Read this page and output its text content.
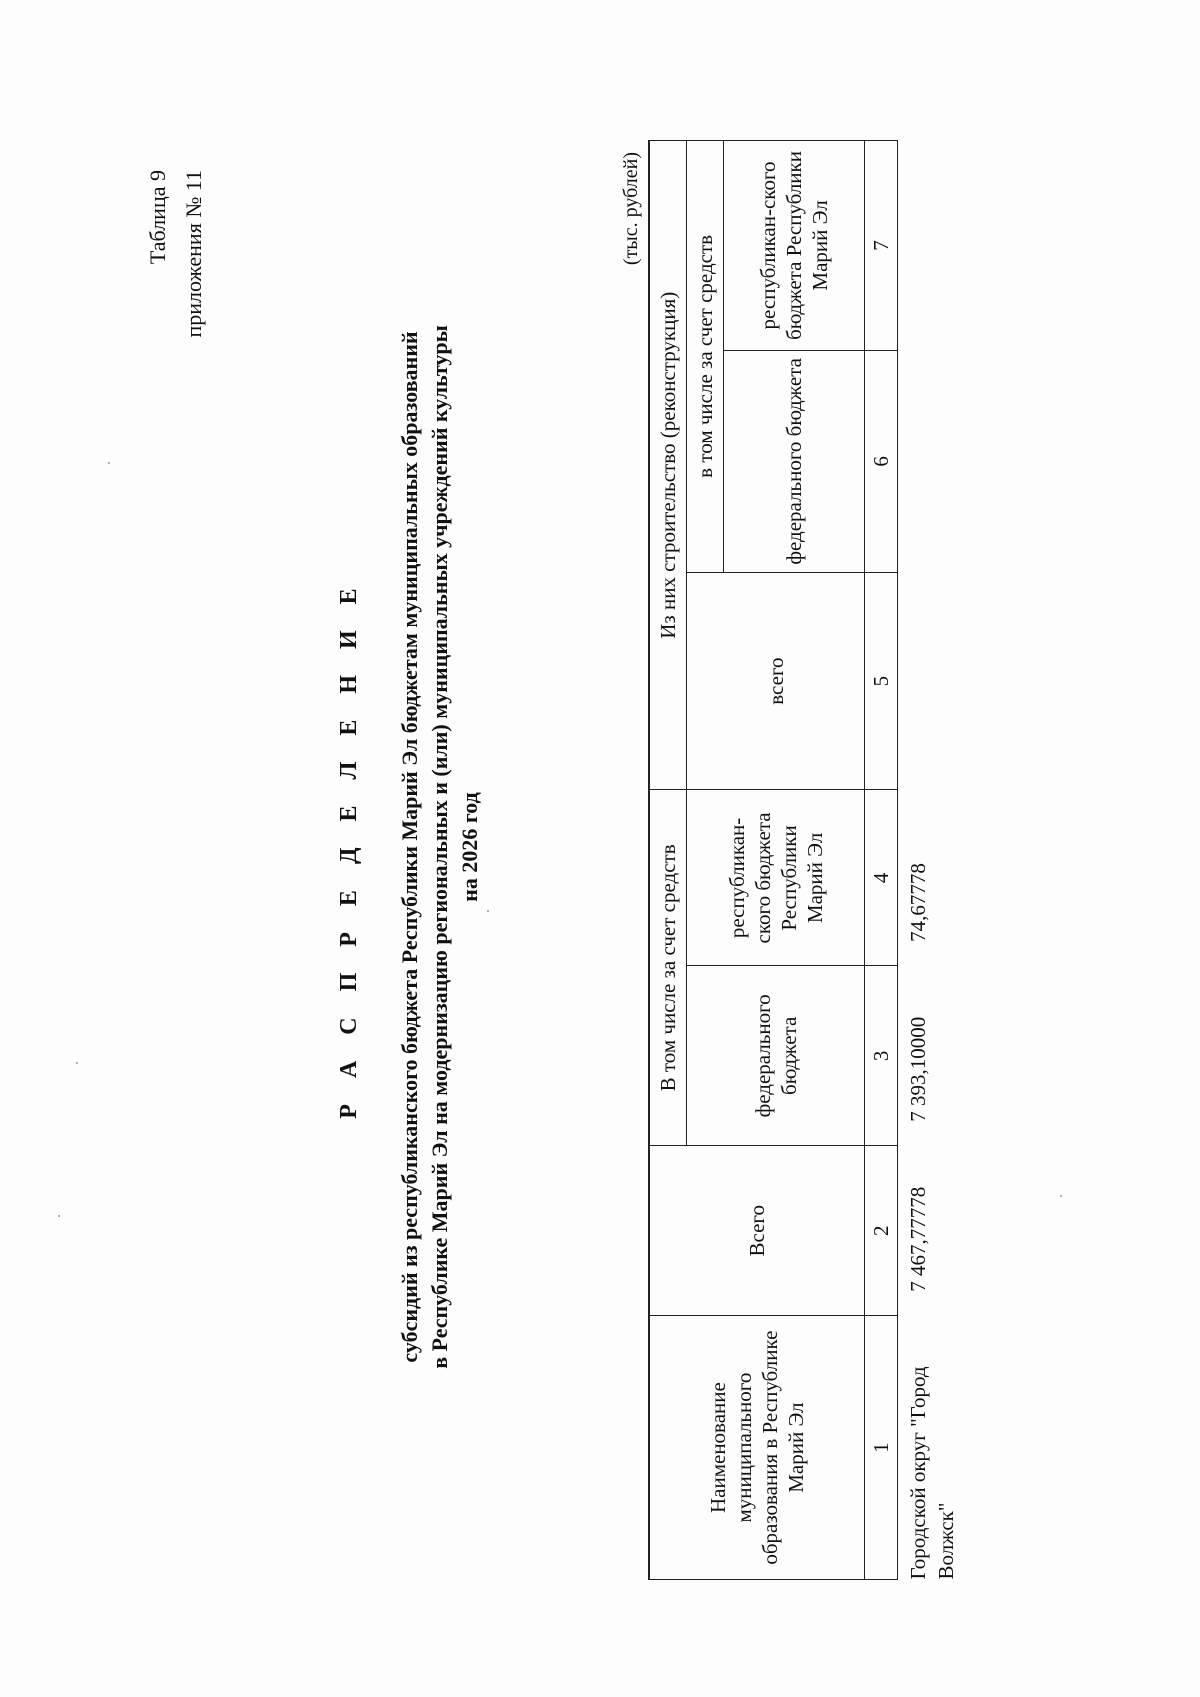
Таблица 9 приложения № 11
Р А С П Р Е Д Е Л Е Н И Е субсидий из республиканского бюджета Республики Марий Эл бюджетам муниципальных образований в Республике Марий Эл на модернизацию региональных и (или) муниципальных учреждений культуры на 2026 год
(тыс. рублей)
Наименование муниципального образования в Республике Марий Эл	Всего	В том числе за счет средств		Из них строительство (реконструкция)		
		федерального бюджета	республикан-ского бюджета Республики Марий Эл	всего	в том числе за счет средств	
					федерального бюджета	республикан-ского бюджета Республики Марий Эл
1	2	3	4	5	6	7
Городской округ "Город Волжск"	7 467,77778	7 393,10000	74,67778			
